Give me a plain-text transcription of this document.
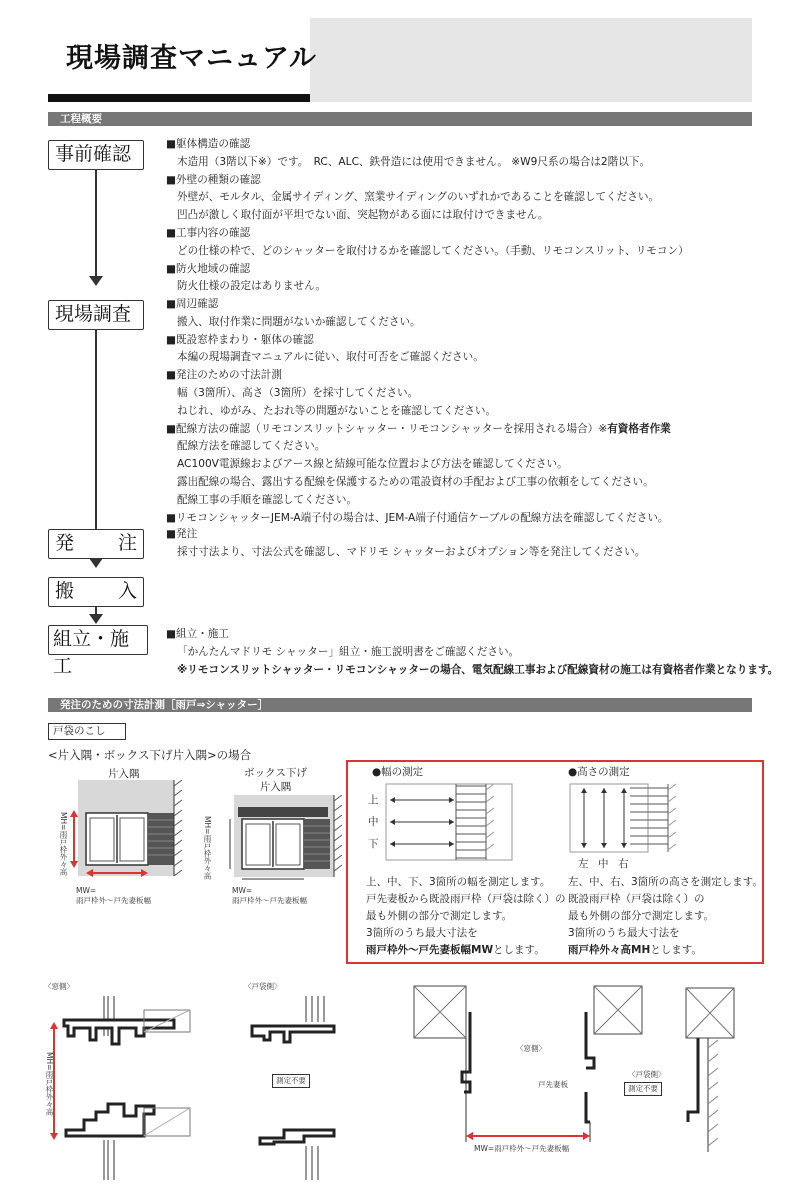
現場調査マニュアル
工程概要
事前確認
現場調査
発 注
搬 入
組立・施工
■躯体構造の確認
木造用（3階以下※）です。　RC、ALC、鉄骨造には使用できません。 ※W9尺系の場合は2階以下。
■外壁の種類の確認
外壁が、モルタル、金属サイディング、窯業サイディングのいずれかであることを確認してください。
凹凸が激しく取付面が平坦でない面、突起物がある面には取付けできません。
■工事内容の確認
どの仕様の枠で、どのシャッターを取付けるかを確認してください。（手動、リモコンスリット、リモコン）
■防火地域の確認
防火仕様の設定はありません。
■周辺確認
搬入、取付作業に問題がないか確認してください。
■既設窓枠まわり・躯体の確認
本編の現場調査マニュアルに従い、取付可否をご確認ください。
■発注のための寸法計測
幅（3箇所）、高さ（3箇所）を採寸してください。
ねじれ、ゆがみ、たおれ等の問題がないことを確認してください。
■配線方法の確認（リモコンスリットシャッター・リモコンシャッターを採用される場合）※有資格者作業
配線方法を確認してください。
AC100V電源線およびアース線と結線可能な位置および方法を確認してください。
露出配線の場合、露出する配線を保護するための電設資材の手配および工事の依頼をしてください。
配線工事の手順を確認してください。
■リモコンシャッターJEM-A端子付の場合は、JEM-A端子付通信ケーブルの配線方法を確認してください。
■発注
採寸寸法より、寸法公式を確認し、マドリモ シャッターおよびオプション等を発注してください。
■組立・施工
「かんたんマドリモ シャッター」組立・施工説明書をご確認ください。
※リモコンスリットシャッター・リモコンシャッターの場合、電気配線工事および配線資材の施工は有資格者作業となります。
発注のための寸法計測［雨戸⇒シャッター］
戸袋のこし
<片入隅・ボックス下げ片入隅>の場合
片入隅
MH=雨戸枠外々高
MW=
雨戸枠外～戸先妻板幅
ボックス下げ
片入隅
MH=雨戸枠外々高
MW=
雨戸枠外～戸先妻板幅
●幅の測定	●高さの測定
上
中
下
左 中 右
上、中、下、3箇所の幅を測定します。
戸先妻板から既設雨戸枠（戸袋は除く）の
最も外側の部分で測定します。
3箇所のうち最大寸法を
雨戸枠外～戸先妻板幅MWとします。
左、中、右、3箇所の高さを測定します。
既設雨戸枠（戸袋は除く）の
最も外側の部分で測定します。
3箇所のうち最大寸法を
雨戸枠外々高MHとします。
〈窓側〉	〈戸袋側〉
MH=雨戸枠外々高	測定不要
〈窓側〉
戸先妻板
〈戸袋側〉
測定不要
MW=雨戸枠外～戸先妻板幅
